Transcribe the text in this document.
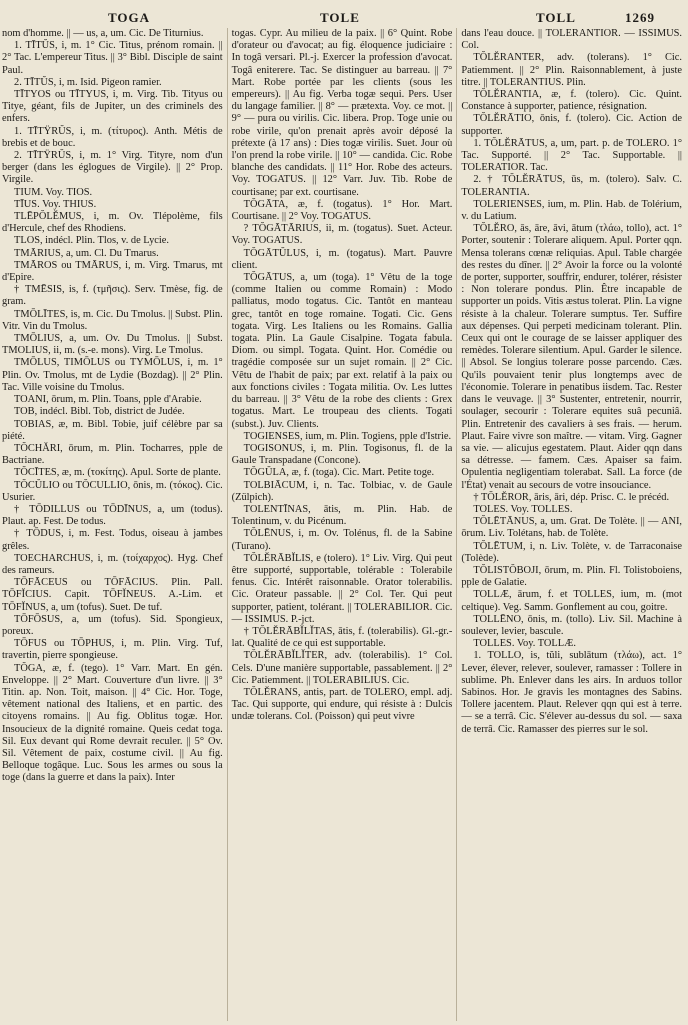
TOGA	TOLE	TOLL	1269

nom d'homme. || — us, a, um. Cic. De Titurnius.

1. TĪTŬS, i, m. 1° Cic. Titus, prénom romain. || 2° Tac. L'empereur Titus. || 3° Bibl. Disciple de saint Paul.

2. TĪTŬS, i, m. Isid. Pigeon ramier.

TĪTYOS ou TĪTYUS, i, m. Virg. Tib. Tityus ou Titye, géant, fils de Jupiter, un des criminels des enfers.

1. TĪTŸRŬS, i, m. (τίτυρος). Anth. Métis de brebis et de bouc.

2. TĪTŸRŬS, i, m. 1° Virg. Tityre, nom d'un berger (dans les églogues de Virgile). || 2° Prop. Virgile.

TIUM. Voy. TIOS.

TĪUS. Voy. THIUS.

TLĒPŎLĔMUS, i, m. Ov. Tlépolème, fils d'Hercule, chef des Rhodiens.

TLOS, indécl. Plin. Tlos, v. de Lycie.

TMĀRIUS, a, um. Cl. Du Tmarus.

TMĀROS ou TMĀRUS, i, m. Virg. Tmarus, mt d'Epire.

† TMĒSIS, is, f. (τμῆσις). Serv. Tmèse, fig. de gram.

TMŌLĪTES, is, m. Cic. Du Tmolus. || Subst. Plin. Vitr. Vin du Tmolus.

TMŌLIUS, a, um. Ov. Du Tmolus. || Subst. TMOLIUS, ii, m. (s.-e. mons). Virg. Le Tmolus.

TMŌLUS, TIMŌLUS ou TYMŌLUS, i, m. 1° Plin. Ov. Tmolus, mt de Lydie (Bozdag). || 2° Plin. Tac. Ville voisine du Tmolus.

TOANI, ōrum, m. Plin. Toans, pple d'Arabie.

TOB, indécl. Bibl. Tob, district de Judée.

TOBIAS, æ, m. Bibl. Tobie, juif célèbre par sa piété.

TŎCHĂRI, ōrum, m. Plin. Tocharres, pple de Bactriane.

TŎCĪTES, æ, m. (τοκίτης). Apul. Sorte de plante.

TŎCŬLIO ou TŎCULLIO, ōnis, m. (τόκος). Cic. Usurier.

† TŌDILLUS ou TŌDĪNUS, a, um (todus). Plaut. ap. Fest. De todus.

† TŌDUS, i, m. Fest. Todus, oiseau à jambes grêles.

TOECHARCHUS, i, m. (τοίχαρχος). Hyg. Chef des rameurs.

TŌFĀCEUS ou TŌFĀCIUS. Plin. Pall. TŌFĬCIUS. Capit. TŌFĬNEUS. A.-Lim. et TŌFĬNUS, a, um (tofus). Suet. De tuf.

TŌFŌSUS, a, um (tofus). Sid. Spongieux, poreux.

TŌFUS ou TŌPHUS, i, m. Plin. Virg. Tuf, travertin, pierre spongieuse.

TŎGA, æ, f. (tego). 1° Varr. Mart. En gén. Enveloppe. || 2° Mart. Couverture d'un livre. || 3° Titin. ap. Non. Toit, maison. || 4° Cic. Hor. Toge, vêtement national des Italiens, et en partic. des citoyens romains. || Au fig. Oblitus togæ. Hor. Insoucieux de la dignité romaine. Queis cedat toga. Sil. Eux devant qui Rome devrait reculer. || 5° Ov. Sil. Vêtement de paix, costume civil. || Au fig. Belloque togâque. Luc. Sous les armes ou sous la toge (dans la guerre et dans la paix). Inter

togas. Cypr. Au milieu de la paix. || 6° Quint. Robe d'orateur ou d'avocat; au fig. éloquence judiciaire : In togâ versari. Pl.-j. Exercer la profession d'avocat. Togâ eniterere. Tac. Se distinguer au barreau. || 7° Mart. Robe portée par les clients (sous les empereurs). || Au fig. Verba togæ sequi. Pers. User du langage familier. || 8° — prætexta. Voy. ce mot. || 9° — pura ou virilis. Cic. libera. Prop. Toge unie ou robe virile, qu'on prenait après avoir déposé la prétexte (à 17 ans) : Dies togæ virilis. Suet. Jour où l'on prend la robe virile. || 10° — candida. Cic. Robe blanche des candidats. || 11° Hor. Robe des acteurs. Voy. TOGATUS. || 12° Varr. Juv. Tib. Robe de courtisane; par ext. courtisane.

TŎGĀTA, æ, f. (togatus). 1° Hor. Mart. Courtisane. || 2° Voy. TOGATUS.

? TŎGĀTĀRIUS, ii, m. (togatus). Suet. Acteur. Voy. TOGATUS.

TŎGĀTŬLUS, i, m. (togatus). Mart. Pauvre client.

TŎGĀTUS, a, um (toga). 1° Vêtu de la toge (comme Italien ou comme Romain) : Modo palliatus, modo togatus. Cic. Tantôt en manteau grec, tantôt en toge romaine. Togati. Cic. Gens togata. Virg. Les Italiens ou les Romains. Gallia togata. Plin. La Gaule Cisalpine. Togata fabula. Diom. ou simpl. Togata. Quint. Hor. Comédie ou tragédie composée sur un sujet romain. || 2° Cic. Vêtu de l'habit de paix; par ext. relatif à la paix ou aux fonctions civiles : Togata militia. Ov. Les luttes du barreau. || 3° Vêtu de la robe des clients : Grex togatus. Mart. Le troupeau des clients. Togati (subst.). Juv. Clients.

TOGIENSES, ium, m. Plin. Togiens, pple d'Istrie.

TOGISONUS, i, m. Plin. Togisonus, fl. de la Gaule Transpadane (Concone).

TŎGŬLA, æ, f. (toga). Cic. Mart. Petite toge.

TOLBIĀCUM, i, n. Tac. Tolbiac, v. de Gaule (Zülpich).

TOLENTĪNAS, ātis, m. Plin. Hab. de Tolentinum, v. du Picénum.

TŎLĒNUS, i, m. Ov. Tolénus, fl. de la Sabine (Turano).

TŎLĔRĀBĬLIS, e (tolero). 1° Liv. Virg. Qui peut être supporté, supportable, tolérable : Tolerabile fenus. Cic. Intérêt raisonnable. Orator tolerabilis. Cic. Orateur passable. || 2° Col. Ter. Qui peut supporter, patient, tolérant. || TOLERABILIOR. Cic.— ISSIMUS. P.-jct.

† TŎLĔRĀBĬLĬTAS, ātis, f. (tolerabilis). Gl.-gr.-lat. Qualité de ce qui est supportable.

TŎLĔRĀBĬLĬTER, adv. (tolerabilis). 1° Col. Cels. D'une manière supportable, passablement. || 2° Cic. Patiemment. || TOLERABILIUS. Cic.

TŎLĔRANS, antis, part. de TOLERO, empl. adj. Tac. Qui supporte, qui endure, qui résiste à : Dulcis undæ tolerans. Col. (Poisson) qui peut vivre

dans l'eau douce. || TOLERANTIOR. — ISSIMUS. Col.

TŎLĔRANTER, adv. (tolerans). 1° Cic. Patiemment. || 2° Plin. Raisonnablement, à juste titre. || TOLERANTIUS. Plin.

TŎLĔRANTIA, æ, f. (tolero). Cic. Quint. Constance à supporter, patience, résignation.

TŎLĔRĀTIO, ōnis, f. (tolero). Cic. Action de supporter.

1. TŎLĔRĀTUS, a, um, part. p. de TOLERO. 1° Tac. Supporté. || 2° Tac. Supportable. || TOLERATIOR. Tac.

2. † TŎLĔRĀTUS, ūs, m. (tolero). Salv. C. TOLERANTIA.

TOLERIENSES, ium, m. Plin. Hab. de Tolérium, v. du Latium.

TŎLĔRO, ās, āre, āvi, ātum (τλάω, tollo), act. 1° Porter, soutenir : Tolerare aliquem. Apul. Porter qqn. Mensa tolerans cœnæ reliquias. Apul. Table chargée des restes du dîner. || 2° Avoir la force ou la volonté de porter, supporter, souffrir, endurer, tolérer, résister : Non tolerare pondus. Plin. Être incapable de supporter un poids. Vitis æstus tolerat. Plin. La vigne résiste à la chaleur. Tolerare sumptus. Ter. Suffire aux dépenses. Qui perpeti medicinam tolerant. Plin. Ceux qui ont le courage de se laisser appliquer des remèdes. Tolerare silentium. Apul. Garder le silence. || Absol. Se longius tolerare posse parcendo. Cæs. Qu'ils pouvaient tenir plus longtemps avec de l'économie. Tolerare in penatibus iisdem. Tac. Rester dans le veuvage. || 3° Sustenter, entretenir, nourrir, soulager, secourir : Tolerare equites suâ pecuniâ. Plin. Entretenir des cavaliers à ses frais. — herum. Plaut. Faire vivre son maître. — vitam. Virg. Gagner sa vie. — alicujus egestatem. Plaut. Aider qqn dans sa détresse. — famem. Cæs. Apaiser sa faim. Opulentia negligentiam tolerabat. Sall. La force (de l'État) venait au secours de votre insouciance.

† TŎLĔROR, āris, āri, dép. Prisc. C. le précéd.

TOLES. Voy. TOLLES.

TŎLĒTĀNUS, a, um. Grat. De Tolète. || — ANI, ōrum. Liv. Tolétans, hab. de Tolète.

TŎLĒTUM, i, n. Liv. Tolète, v. de Tarraconaise (Tolède).

TŎLISTŎBOJI, ōrum, m. Plin. Fl. Tolistoboiens, pple de Galatie.

TOLLÆ, ārum, f. et TOLLES, ium, m. (mot celtique). Veg. Samm. Gonflement au cou, goitre.

TOLLĒNO, ōnis, m. (tollo). Liv. Sil. Machine à soulever, levier, bascule.

TOLLES. Voy. TOLLÆ.

1. TOLLO, is, tŭli, sublātum (τλάω), act. 1° Lever, élever, relever, soulever, ramasser : Tollere in sublime. Ph. Enlever dans les airs. In arduos tollor Sabinos. Hor. Je gravis les montagnes des Sabins. Tollere jacentem. Plaut. Relever qqn qui est à terre. — se a terrâ. Cic. S'élever au-dessus du sol. — saxa de terrâ. Cic. Ramasser des pierres sur le sol.
